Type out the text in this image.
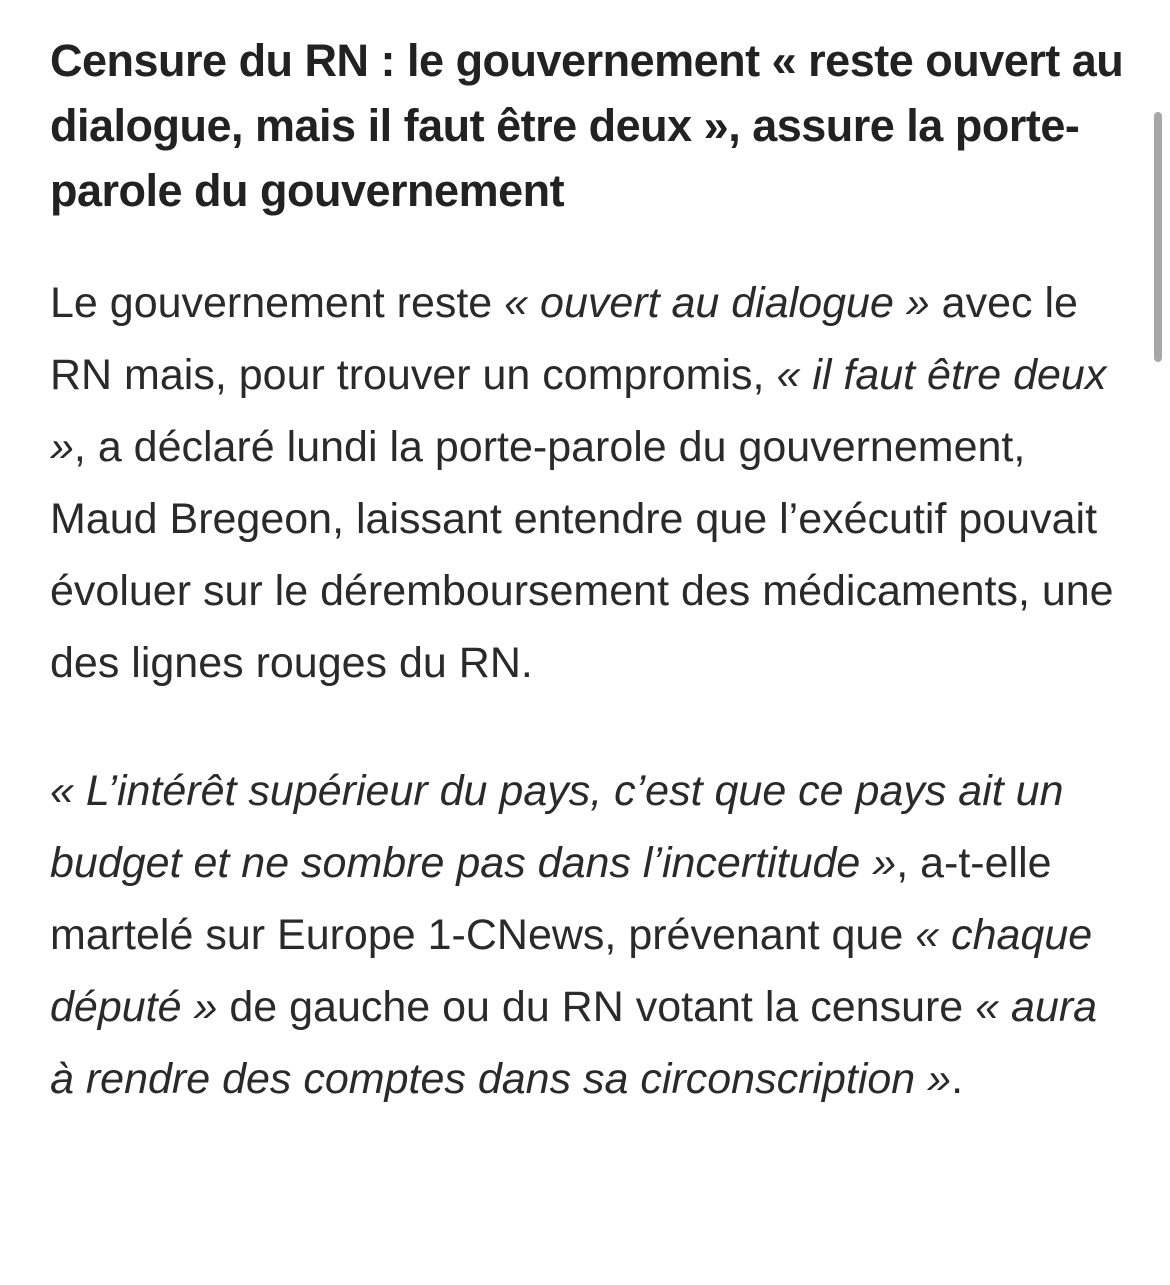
Censure du RN : le gouvernement « reste ouvert au dialogue, mais il faut être deux », assure la porte-parole du gouvernement

Le gouvernement reste « ouvert au dialogue » avec le RN mais, pour trouver un compromis, « il faut être deux », a déclaré lundi la porte-parole du gouvernement, Maud Bregeon, laissant entendre que l’exécutif pouvait évoluer sur le déremboursement des médicaments, une des lignes rouges du RN.

« L’intérêt supérieur du pays, c’est que ce pays ait un budget et ne sombre pas dans l’incertitude », a-t-elle martelé sur Europe 1-CNews, prévenant que « chaque député » de gauche ou du RN votant la censure « aura à rendre des comptes dans sa circonscription ».
